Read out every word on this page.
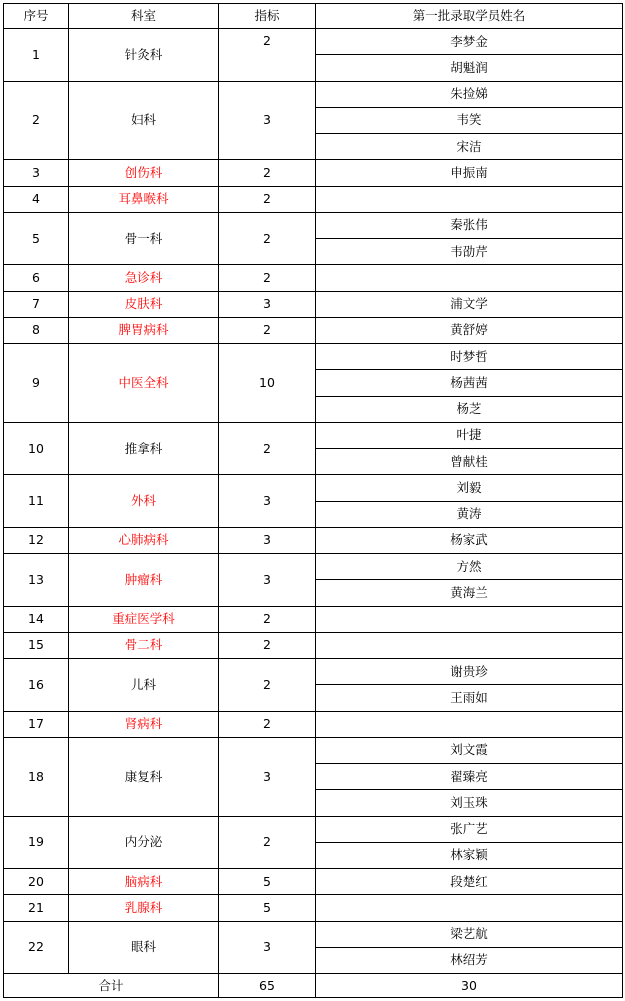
序号	科室	指标	第一批录取学员姓名
1	针灸科	2	李梦金
			胡魁润
2	妇科	3	朱捡娣
			韦笑
			宋洁
3	创伤科	2	申振南
4	耳鼻喉科	2	
5	骨一科	2	秦张伟
			韦劭芹
6	急诊科	2	
7	皮肤科	3	浦文学
8	脾胃病科	2	黄舒婷
9	中医全科	10	时梦哲
			杨茜茜
			杨芝
10	推拿科	2	叶捷
			曾献桂
11	外科	3	刘毅
			黄涛
12	心肺病科	3	杨家武
13	肿瘤科	3	方然
			黄海兰
14	重症医学科	2	
15	骨二科	2	
16	儿科	2	谢贵珍
			王雨如
17	肾病科	2	
18	康复科	3	刘文霞
			翟臻亮
			刘玉珠
19	内分泌	2	张广艺
			林家颖
20	脑病科	5	段楚红
21	乳腺科	5	
22	眼科	3	梁艺航
			林绍芳
合计		65	30
